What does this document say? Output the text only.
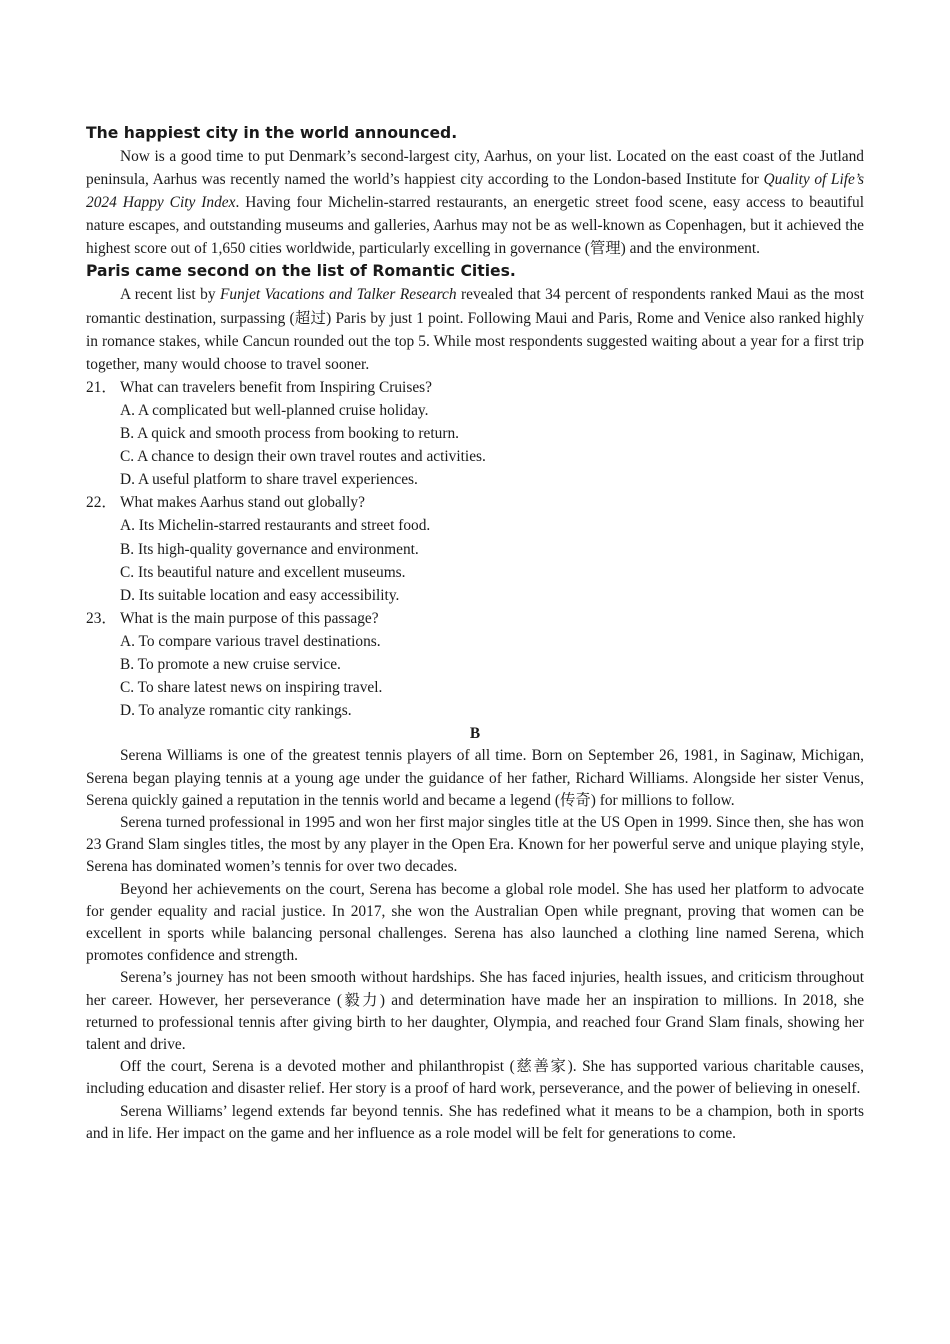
The happiest city in the world announced.

Now is a good time to put Denmark’s second-largest city, Aarhus, on your list. Located on the east coast of the Jutland peninsula, Aarhus was recently named the world’s happiest city according to the London-based Institute for Quality of Life’s 2024 Happy City Index. Having four Michelin-starred restaurants, an energetic street food scene, easy access to beautiful nature escapes, and outstanding museums and galleries, Aarhus may not be as well-known as Copenhagen, but it achieved the highest score out of 1,650 cities worldwide, particularly excelling in governance (管理) and the environment.

Paris came second on the list of Romantic Cities.

A recent list by Funjet Vacations and Talker Research revealed that 34 percent of respondents ranked Maui as the most romantic destination, surpassing (超过) Paris by just 1 point. Following Maui and Paris, Rome and Venice also ranked highly in romance stakes, while Cancun rounded out the top 5. While most respondents suggested waiting about a year for a first trip together, many would choose to travel sooner.

21． What can travelers benefit from Inspiring Cruises?

A. A complicated but well-planned cruise holiday.

B. A quick and smooth process from booking to return.

C. A chance to design their own travel routes and activities.

D. A useful platform to share travel experiences.

22． What makes Aarhus stand out globally?

A. Its Michelin-starred restaurants and street food.

B. Its high-quality governance and environment.

C. Its beautiful nature and excellent museums.

D. Its suitable location and easy accessibility.

23． What is the main purpose of this passage?

A. To compare various travel destinations.

B. To promote a new cruise service.

C. To share latest news on inspiring travel.

D. To analyze romantic city rankings.

B

Serena Williams is one of the greatest tennis players of all time. Born on September 26, 1981, in Saginaw, Michigan, Serena began playing tennis at a young age under the guidance of her father, Richard Williams. Alongside her sister Venus, Serena quickly gained a reputation in the tennis world and became a legend (传奇) for millions to follow.

Serena turned professional in 1995 and won her first major singles title at the US Open in 1999. Since then, she has won 23 Grand Slam singles titles, the most by any player in the Open Era. Known for her powerful serve and unique playing style, Serena has dominated women’s tennis for over two decades.

Beyond her achievements on the court, Serena has become a global role model. She has used her platform to advocate for gender equality and racial justice. In 2017, she won the Australian Open while pregnant, proving that women can be excellent in sports while balancing personal challenges. Serena has also launched a clothing line named Serena, which promotes confidence and strength.

Serena’s journey has not been smooth without hardships. She has faced injuries, health issues, and criticism throughout her career. However, her perseverance (毅力) and determination have made her an inspiration to millions. In 2018, she returned to professional tennis after giving birth to her daughter, Olympia, and reached four Grand Slam finals, showing her talent and drive.

Off the court, Serena is a devoted mother and philanthropist (慈善家). She has supported various charitable causes, including education and disaster relief. Her story is a proof of hard work, perseverance, and the power of believing in oneself.

Serena Williams’ legend extends far beyond tennis. She has redefined what it means to be a champion, both in sports and in life. Her impact on the game and her influence as a role model will be felt for generations to come.
